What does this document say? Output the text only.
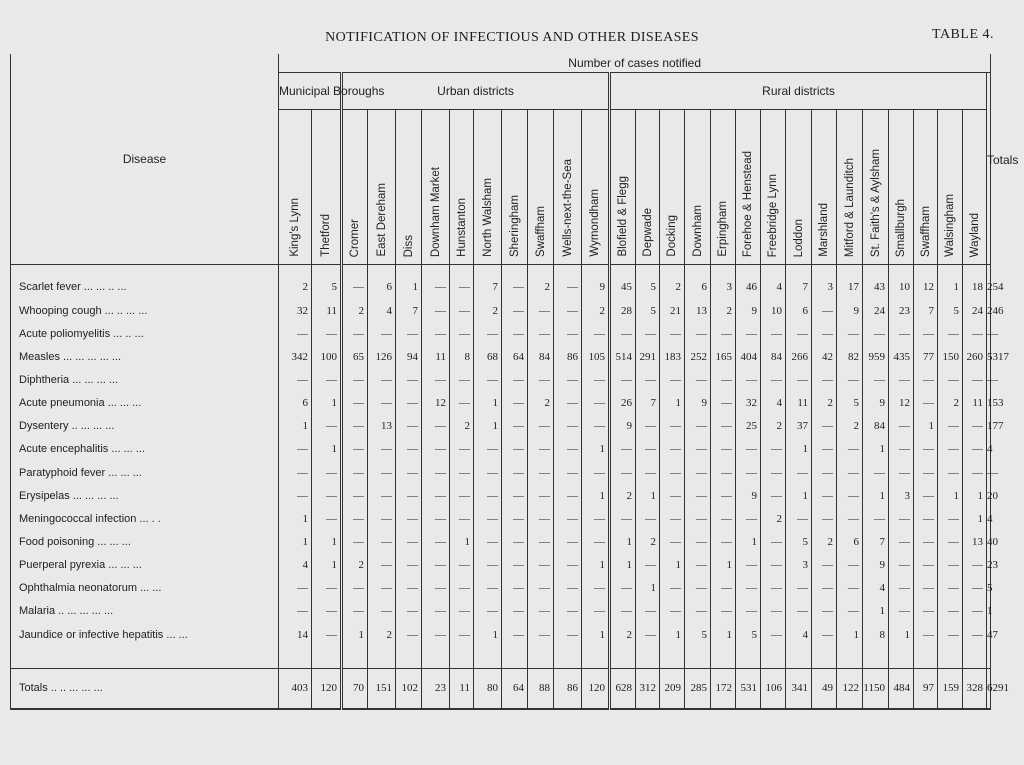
NOTIFICATION OF INFECTIOUS AND OTHER DISEASES	TABLE 4.
Disease	Number of cases notified																											
	Municipal Boroughs		Urban districts										Rural districts															Totals
	King's Lynn	Thetford	Cromer	East Dereham	Diss	Downham Market	Hunstanton	North Walsham	Sheringham	Swaffham	Wells-next-the-Sea	Wymondham	Blofield & Flegg	Depwade	Docking	Downham	Erpingham	Forehoe & Henstead	Freebridge Lynn	Loddon	Marshland	Mitford & Launditch	St. Faith's & Aylsham	Smallburgh	Swaffham	Walsingham	Wayland	

Scarlet fever ... ... .. ...	2	5	—	6	1	—	—	7	—	2	—	9	45	5	2	6	3	46	4	7	3	17	43	10	12	1	18	254
Whooping cough ... .. ... ...	32	11	2	4	7	—	—	2	—	—	—	2	28	5	21	13	2	9	10	6	—	9	24	23	7	5	24	246
Acute poliomyelitis ... .. ...	—	—	—	—	—	—	—	—	—	—	—	—	—	—	—	—	—	—	—	—	—	—	—	—	—	—	—	—
Measles ... ... ... ... ...	342	100	65	126	94	11	8	68	64	84	86	105	514	291	183	252	165	404	84	266	42	82	959	435	77	150	260	5317
Diphtheria ... ... ... ...	—	—	—	—	—	—	—	—	—	—	—	—	—	—	—	—	—	—	—	—	—	—	—	—	—	—	—	—
Acute pneumonia ... ... ...	6	1	—	—	—	12	—	1	—	2	—	—	26	7	1	9	—	32	4	11	2	5	9	12	—	2	11	153
Dysentery .. ... ... ...	1	—	—	13	—	—	2	1	—	—	—	—	9	—	—	—	—	25	2	37	—	2	84	—	1	—	—	177
Acute encephalitis ... ... ...	—	1	—	—	—	—	—	—	—	—	—	1	—	—	—	—	—	—	—	1	—	—	1	—	—	—	—	4
Paratyphoid fever ... ... ...	—	—	—	—	—	—	—	—	—	—	—	—	—	—	—	—	—	—	—	—	—	—	—	—	—	—	—	—
Erysipelas ... ... ... ...	—	—	—	—	—	—	—	—	—	—	—	1	2	1	—	—	—	9	—	1	—	—	1	3	—	1	1	20
Meningococcal infection ... . .	1	—	—	—	—	—	—	—	—	—	—	—	—	—	—	—	—	—	2	—	—	—	—	—	—	—	1	4
Food poisoning ... ... ...	1	1	—	—	—	—	1	—	—	—	—	—	1	2	—	—	—	1	—	5	2	6	7	—	—	—	13	40
Puerperal pyrexia ... ... ...	4	1	2	—	—	—	—	—	—	—	—	1	1	—	1	—	1	—	—	3	—	—	9	—	—	—	—	23
Ophthalmia neonatorum ... ...	—	—	—	—	—	—	—	—	—	—	—	—	—	1	—	—	—	—	—	—	—	—	4	—	—	—	—	5
Malaria .. ... ... ... ...	—	—	—	—	—	—	—	—	—	—	—	—	—	—	—	—	—	—	—	—	—	—	1	—	—	—	—	1
Jaundice or infective hepatitis ... ...	14	—	1	2	—	—	—	1	—	—	—	1	2	—	1	5	1	5	—	4	—	1	8	1	—	—	—	47

Totals .. .. ... ... ...	403	120	70	151	102	23	11	80	64	88	86	120	628	312	209	285	172	531	106	341	49	122	1150	484	97	159	328	6291
